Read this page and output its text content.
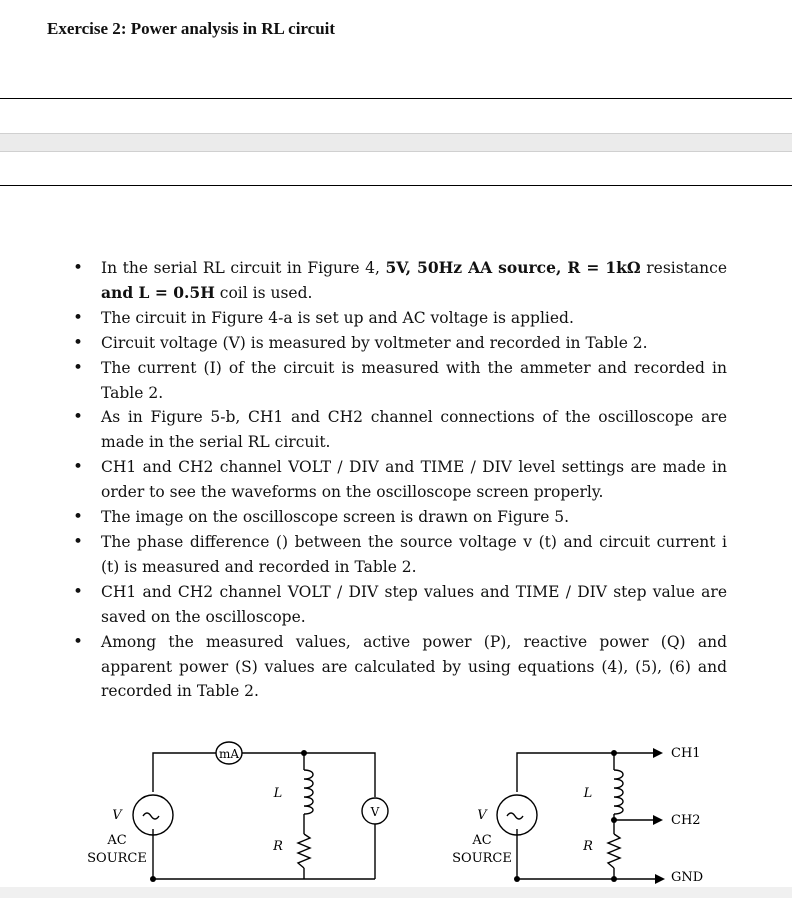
Exercise 2: Power analysis in RL circuit
• In the serial RL circuit in Figure 4, 5V, 50Hz AA source, R = 1kΩ resistance and L = 0.5H coil is used.
• The circuit in Figure 4-a is set up and AC voltage is applied.
• Circuit voltage (V) is measured by voltmeter and recorded in Table 2.
• The current (I) of the circuit is measured with the ammeter and recorded in Table 2.
• As in Figure 5-b, CH1 and CH2 channel connections of the oscilloscope are made in the serial RL circuit.
• CH1 and CH2 channel VOLT / DIV and TIME / DIV level settings are made in order to see the waveforms on the oscilloscope screen properly.
• The image on the oscilloscope screen is drawn on Figure 5.
• The phase difference () between the source voltage v (t) and circuit current i (t) is measured and recorded in Table 2.
• CH1 and CH2 channel VOLT / DIV step values and TIME / DIV step value are saved on the oscilloscope.
• Among the measured values, active power (P), reactive power (Q) and apparent power (S) values are calculated by using equations (4), (5), (6) and recorded in Table 2.
mA
V
L
R
V
AC
SOURCE
L
R
V
AC
SOURCE
CH1
CH2
GND
